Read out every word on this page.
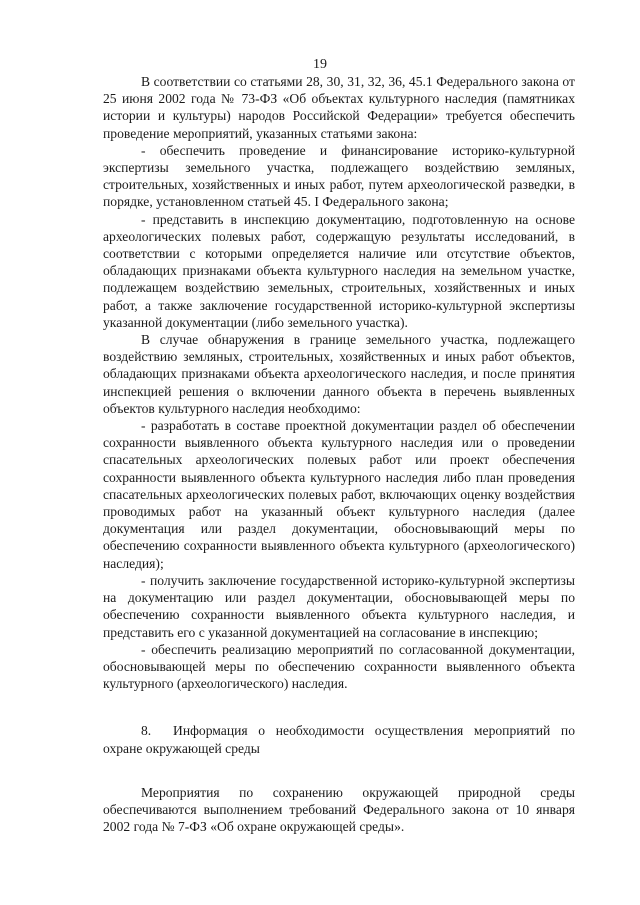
19

В соответствии со статьями 28, 30, 31, 32, 36, 45.1 Федерального закона от 25 июня 2002 года № 73-ФЗ «Об объектах культурного наследия (памятниках истории и культуры) народов Российской Федерации» требуется обеспечить проведение мероприятий, указанных статьями закона:

- обеспечить проведение и финансирование историко-культурной экспертизы земельного участка, подлежащего воздействию земляных, строительных, хозяйственных и иных работ, путем археологической разведки, в порядке, установленном статьей 45. I Федерального закона;

- представить в инспекцию документацию, подготовленную на основе археологических полевых работ, содержащую результаты исследований, в соответствии с которыми определяется наличие или отсутствие объектов, обладающих признаками объекта культурного наследия на земельном участке, подлежащем воздействию земельных, строительных, хозяйственных и иных работ, а также заключение государственной историко-культурной экспертизы указанной документации (либо земельного участка).

В случае обнаружения в границе земельного участка, подлежащего воздействию земляных, строительных, хозяйственных и иных работ объектов, обладающих признаками объекта археологического наследия, и после принятия инспекцией решения о включении данного объекта в перечень выявленных объектов культурного наследия необходимо:

- разработать в составе проектной документации раздел об обеспечении сохранности выявленного объекта культурного наследия или о проведении спасательных археологических полевых работ или проект обеспечения сохранности выявленного объекта культурного наследия либо план проведения спасательных археологических полевых работ, включающих оценку воздействия проводимых работ на указанный объект культурного наследия (далее документация или раздел документации, обосновывающий меры по обеспечению сохранности выявленного объекта культурного (археологического) наследия);

- получить заключение государственной историко-культурной экспертизы на документацию или раздел документации, обосновывающей меры по обеспечению сохранности выявленного объекта культурного наследия, и представить его с указанной документацией на согласование в инспекцию;

- обеспечить реализацию мероприятий по согласованной документации, обосновывающей меры по обеспечению сохранности выявленного объекта культурного (археологического) наследия.

8. Информация о необходимости осуществления мероприятий по охране окружающей среды

Мероприятия по сохранению окружающей природной среды обеспечиваются выполнением требований Федерального закона от 10 января 2002 года № 7-ФЗ «Об охране окружающей среды».
